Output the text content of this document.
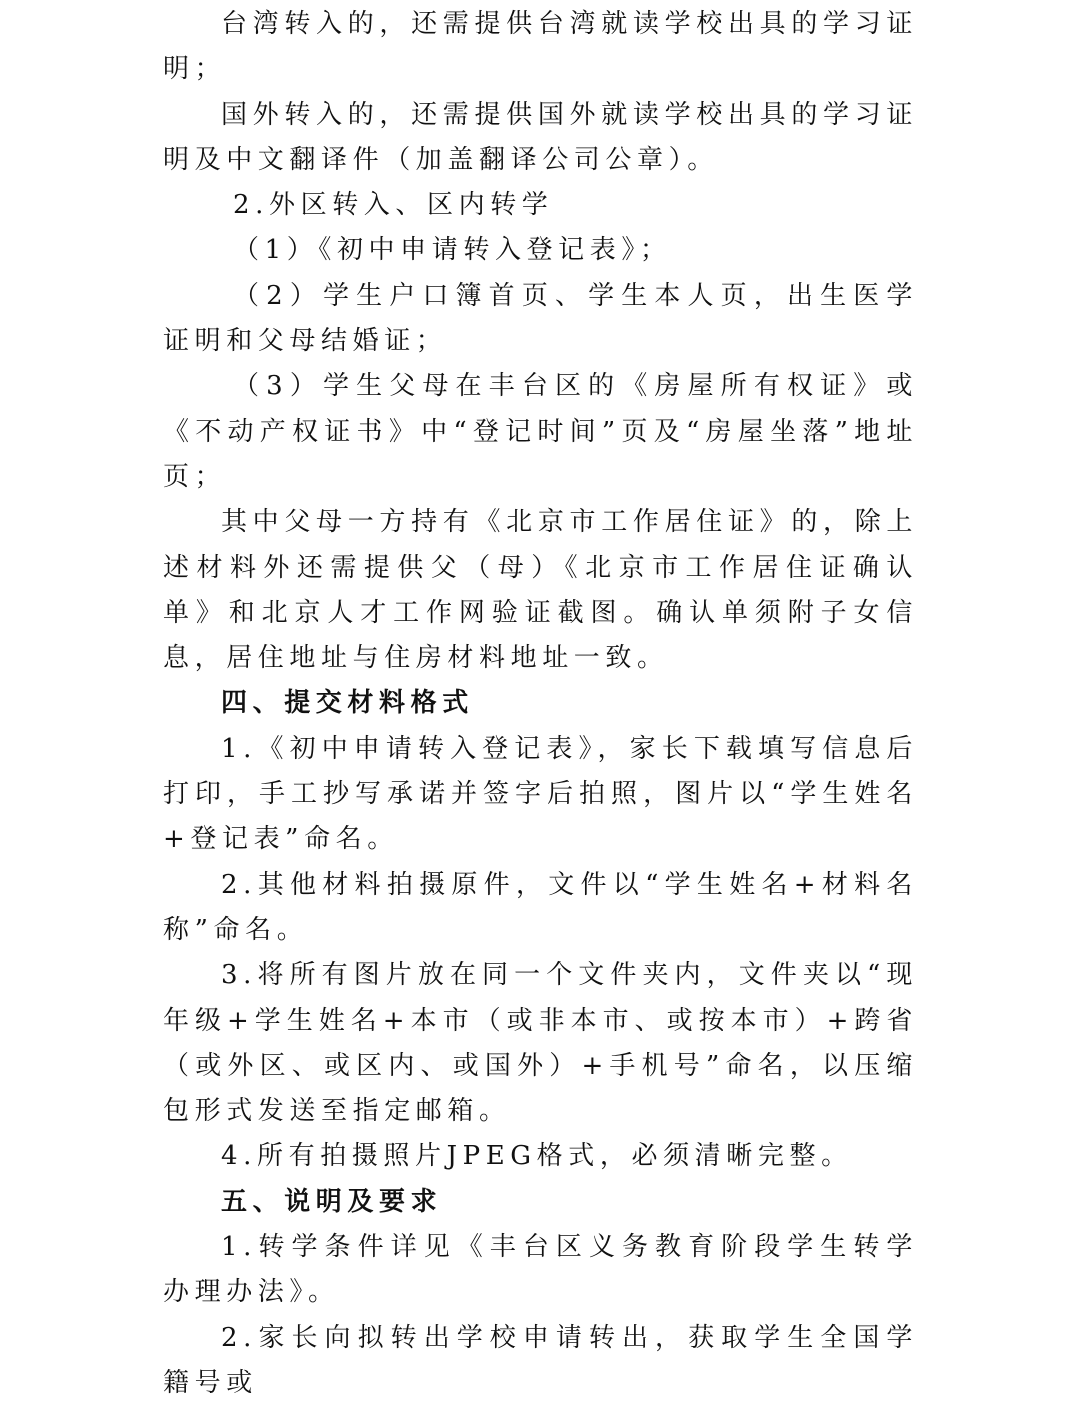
台湾转入的，还需提供台湾就读学校出具的学习证明；

国外转入的，还需提供国外就读学校出具的学习证明及中文翻译件（加盖翻译公司公章）。

2.外区转入、区内转学

（1）《初中申请转入登记表》；

（2）学生户口簿首页、学生本人页，出生医学证明和父母结婚证；

（3）学生父母在丰台区的《房屋所有权证》或《不动产权证书》中“登记时间”页及“房屋坐落”地址页；

其中父母一方持有《北京市工作居住证》的，除上述材料外还需提供父（母）《北京市工作居住证确认单》和北京人才工作网验证截图。确认单须附子女信息，居住地址与住房材料地址一致。

四、提交材料格式

1.《初中申请转入登记表》，家长下载填写信息后打印，手工抄写承诺并签字后拍照，图片以“学生姓名+登记表”命名。

2.其他材料拍摄原件，文件以“学生姓名+材料名称”命名。

3.将所有图片放在同一个文件夹内，文件夹以“现年级+学生姓名+本市（或非本市、或按本市）+跨省（或外区、或区内、或国外）+手机号”命名，以压缩包形式发送至指定邮箱。

4.所有拍摄照片JPEG格式，必须清晰完整。

五、说明及要求

1.转学条件详见《丰台区义务教育阶段学生转学办理办法》。

2.家长向拟转出学校申请转出，获取学生全国学籍号或
